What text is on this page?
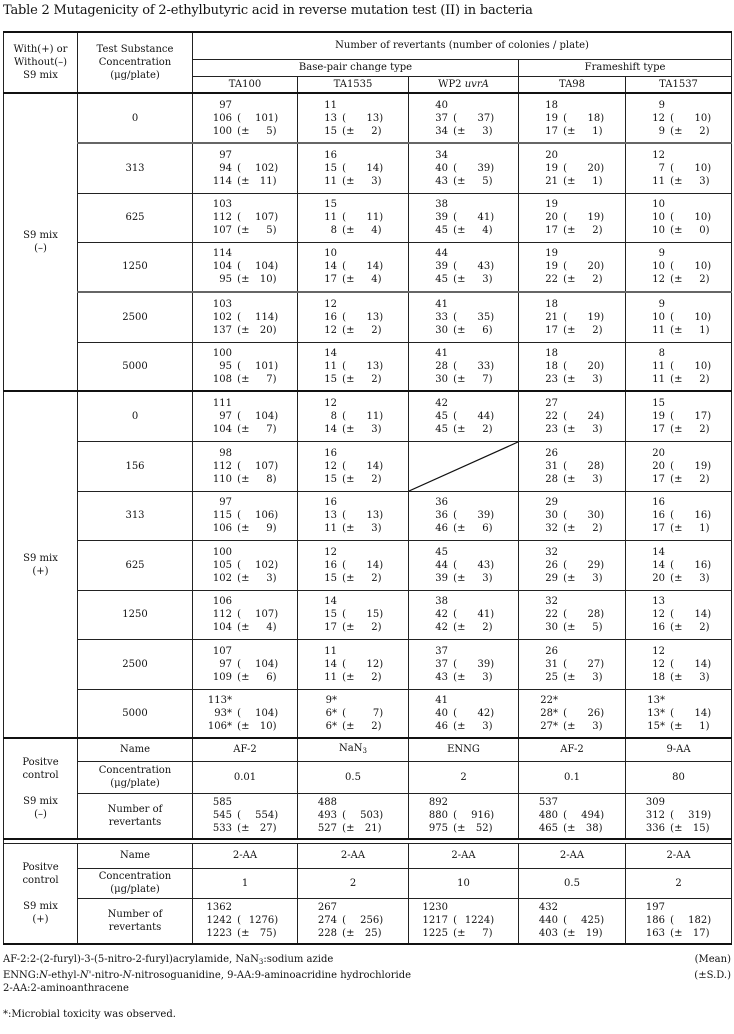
Table 2 Mutagenicity of 2-ethylbutyric acid in reverse mutation test (II) in bacteria
With(+) or
Without(–)
S9 mix	Test Substance
Concentration
(μg/plate)	Number of revertants (number of colonies / plate)				
		Base-pair change type			Frameshift type	
		TA100	TA1535	WP2 uvrA	TA98	TA1537

S9 mix
(–)	0	97
106 ( 101)
100 (± 5)	11
13 ( 13)
15 (± 2)	40
37 ( 37)
34 (± 3)	18
19 ( 18)
17 (± 1)	9
12 ( 10)
9 (± 2)

	313	97
94 ( 102)
114 (± 11)	16
15 ( 14)
11 (± 3)	34
40 ( 39)
43 (± 5)	20
19 ( 20)
21 (± 1)	12
7 ( 10)
11 (± 3)

	625	103
112 ( 107)
107 (± 5)	15
11 ( 11)
8 (± 4)	38
39 ( 41)
45 (± 4)	19
20 ( 19)
17 (± 2)	10
10 ( 10)
10 (± 0)

	1250	114
104 ( 104)
95 (± 10)	10
14 ( 14)
17 (± 4)	44
39 ( 43)
45 (± 3)	19
19 ( 20)
22 (± 2)	9
10 ( 10)
12 (± 2)

	2500	103
102 ( 114)
137 (± 20)	12
16 ( 13)
12 (± 2)	41
33 ( 35)
30 (± 6)	18
21 ( 19)
17 (± 2)	9
10 ( 10)
11 (± 1)

	5000	100
95 ( 101)
108 (± 7)	14
11 ( 13)
15 (± 2)	41
28 ( 33)
30 (± 7)	18
18 ( 20)
23 (± 3)	8
11 ( 10)
11 (± 2)

S9 mix
(+)	0	111
97 ( 104)
104 (± 7)	12
8 ( 11)
14 (± 3)	42
45 ( 44)
45 (± 2)	27
22 ( 24)
23 (± 3)	15
19 ( 17)
17 (± 2)

	156	98
112 ( 107)
110 (± 8)	16
12 ( 14)
15 (± 2)		26
31 ( 28)
28 (± 3)	20
20 ( 19)
17 (± 2)

	313	97
115 ( 106)
106 (± 9)	16
13 ( 13)
11 (± 3)	36
36 ( 39)
46 (± 6)	29
30 ( 30)
32 (± 2)	16
16 ( 16)
17 (± 1)

	625	100
105 ( 102)
102 (± 3)	12
16 ( 14)
15 (± 2)	45
44 ( 43)
39 (± 3)	32
26 ( 29)
29 (± 3)	14
14 ( 16)
20 (± 3)

	1250	106
112 ( 107)
104 (± 4)	14
15 ( 15)
17 (± 2)	38
42 ( 41)
42 (± 2)	32
22 ( 28)
30 (± 5)	13
12 ( 14)
16 (± 2)

	2500	107
97 ( 104)
109 (± 6)	11
14 ( 12)
11 (± 2)	37
37 ( 39)
43 (± 3)	26
31 ( 27)
25 (± 3)	12
12 ( 14)
18 (± 3)

	5000	113*
93* ( 104)
106* (± 10)	9*
6* ( 7)
6* (± 2)	41
40 ( 42)
46 (± 3)	22*
28* ( 26)
27* (± 3)	13*
13* ( 14)
15* (± 1)

Positve
control

S9 mix
(–)	Name	AF-2	NaN$_3$	ENNG	AF-2	9-AA

	Concentration
(μg/plate)	0.01	0.5	2	0.1	80

	Number of
revertants	585
545 ( 554)
533 (± 27)	488
493 ( 503)
527 (± 21)	892
880 ( 916)
975 (± 52)	537
480 ( 494)
465 (± 38)	309
312 ( 319)
336 (± 15)

Positve
control

S9 mix
(+)	Name	2-AA	2-AA	2-AA	2-AA	2-AA

	Concentration
(μg/plate)	1	2	10	0.5	2

	Number of
revertants	1362
1242 ( 1276)
1223 (± 75)	267
274 ( 256)
228 (± 25)	1230
1217 ( 1224)
1225 (± 7)	432
440 ( 425)
403 (± 19)	197
186 ( 182)
163 (± 17)
AF-2:2-(2-furyl)-3-(5-nitro-2-furyl)acrylamide, NaN$_3$:sodium azide	(Mean)
ENNG:N-ethyl-N'-nitro-N-nitrosoguanidine, 9-AA:9-aminoacridine hydrochloride	(±S.D.)
2-AA:2-aminoanthracene
*:Microbial toxicity was observed.
